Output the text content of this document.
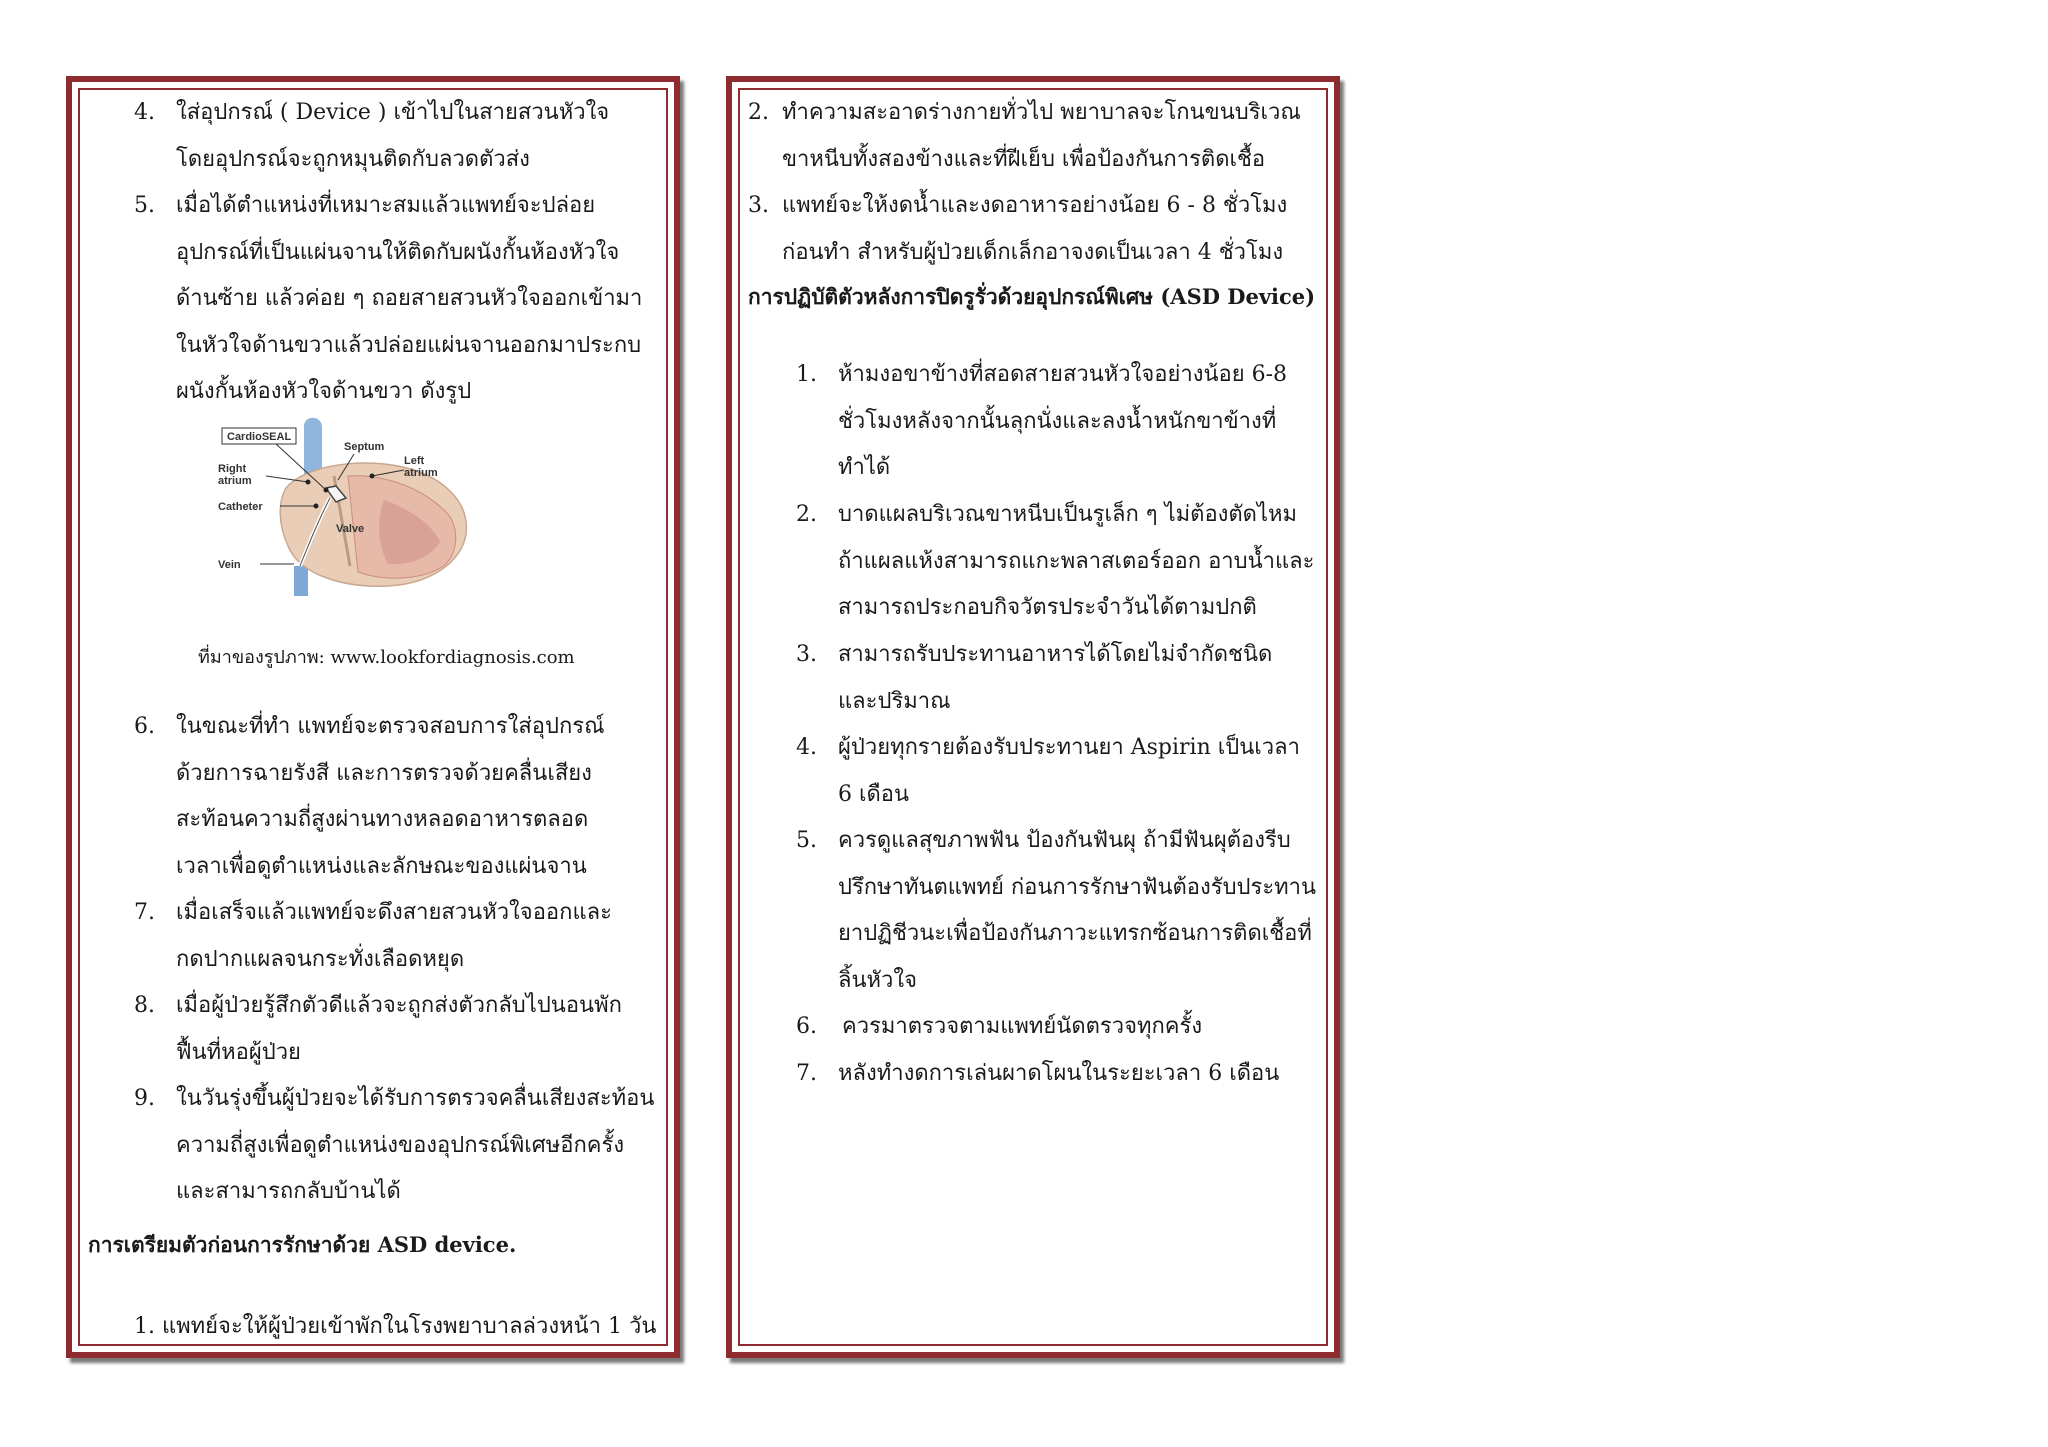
4. ใส่อุปกรณ์ ( Device ) เข้าไปในสายสวนหัวใจโดยอุปกรณ์จะถูกหมุนติดกับลวดตัวส่ง
5. เมื่อได้ตำแหน่งที่เหมาะสมแล้วแพทย์จะปล่อยอุปกรณ์ที่เป็นแผ่นจานให้ติดกับผนังกั้นห้องหัวใจด้านซ้าย แล้วค่อย ๆ ถอยสายสวนหัวใจออกเข้ามาในหัวใจด้านขวาแล้วปล่อยแผ่นจานออกมาประกบผนังกั้นห้องหัวใจด้านขวา ดังรูป
CardioSEAL
Septum
Left
atrium
Right
atrium
Catheter
Valve
Vein
ที่มาของรูปภาพ: www.lookfordiagnosis.com
6. ในขณะที่ทำ แพทย์จะตรวจสอบการใส่อุปกรณ์ด้วยการฉายรังสี และการตรวจด้วยคลื่นเสียงสะท้อนความถี่สูงผ่านทางหลอดอาหารตลอดเวลาเพื่อดูตำแหน่งและลักษณะของแผ่นจาน
7. เมื่อเสร็จแล้วแพทย์จะดึงสายสวนหัวใจออกและกดปากแผลจนกระทั่งเลือดหยุด
8. เมื่อผู้ป่วยรู้สึกตัวดีแล้วจะถูกส่งตัวกลับไปนอนพักฟื้นที่หอผู้ป่วย
9. ในวันรุ่งขึ้นผู้ป่วยจะได้รับการตรวจคลื่นเสียงสะท้อนความถี่สูงเพื่อดูตำแหน่งของอุปกรณ์พิเศษอีกครั้งและสามารถกลับบ้านได้
การเตรียมตัวก่อนการรักษาด้วย ASD device.
1. แพทย์จะให้ผู้ป่วยเข้าพักในโรงพยาบาลล่วงหน้า 1 วัน
2. ทำความสะอาดร่างกายทั่วไป พยาบาลจะโกนขนบริเวณขาหนีบทั้งสองข้างและที่ฝีเย็บ เพื่อป้องกันการติดเชื้อ
3. แพทย์จะให้งดน้ำและงดอาหารอย่างน้อย 6 - 8 ชั่วโมงก่อนทำ สำหรับผู้ป่วยเด็กเล็กอาจงดเป็นเวลา 4 ชั่วโมง
การปฏิบัติตัวหลังการปิดรูรั่วด้วยอุปกรณ์พิเศษ (ASD Device)
1. ห้ามงอขาข้างที่สอดสายสวนหัวใจอย่างน้อย 6-8 ชั่วโมงหลังจากนั้นลุกนั่งและลงน้ำหนักขาข้างที่ทำได้
2. บาดแผลบริเวณขาหนีบเป็นรูเล็ก ๆ ไม่ต้องตัดไหม ถ้าแผลแห้งสามารถแกะพลาสเตอร์ออก อาบน้ำและสามารถประกอบกิจวัตรประจำวันได้ตามปกติ
3. สามารถรับประทานอาหารได้โดยไม่จำกัดชนิดและปริมาณ
4. ผู้ป่วยทุกรายต้องรับประทานยา Aspirin เป็นเวลา 6 เดือน
5. ควรดูแลสุขภาพฟัน ป้องกันฟันผุ ถ้ามีฟันผุต้องรีบปรึกษาทันตแพทย์ ก่อนการรักษาฟันต้องรับประทานยาปฏิชีวนะเพื่อป้องกันภาวะแทรกซ้อนการติดเชื้อที่ลิ้นหัวใจ
6. ควรมาตรวจตามแพทย์นัดตรวจทุกครั้ง
7. หลังทำงดการเล่นผาดโผนในระยะเวลา 6 เดือน
